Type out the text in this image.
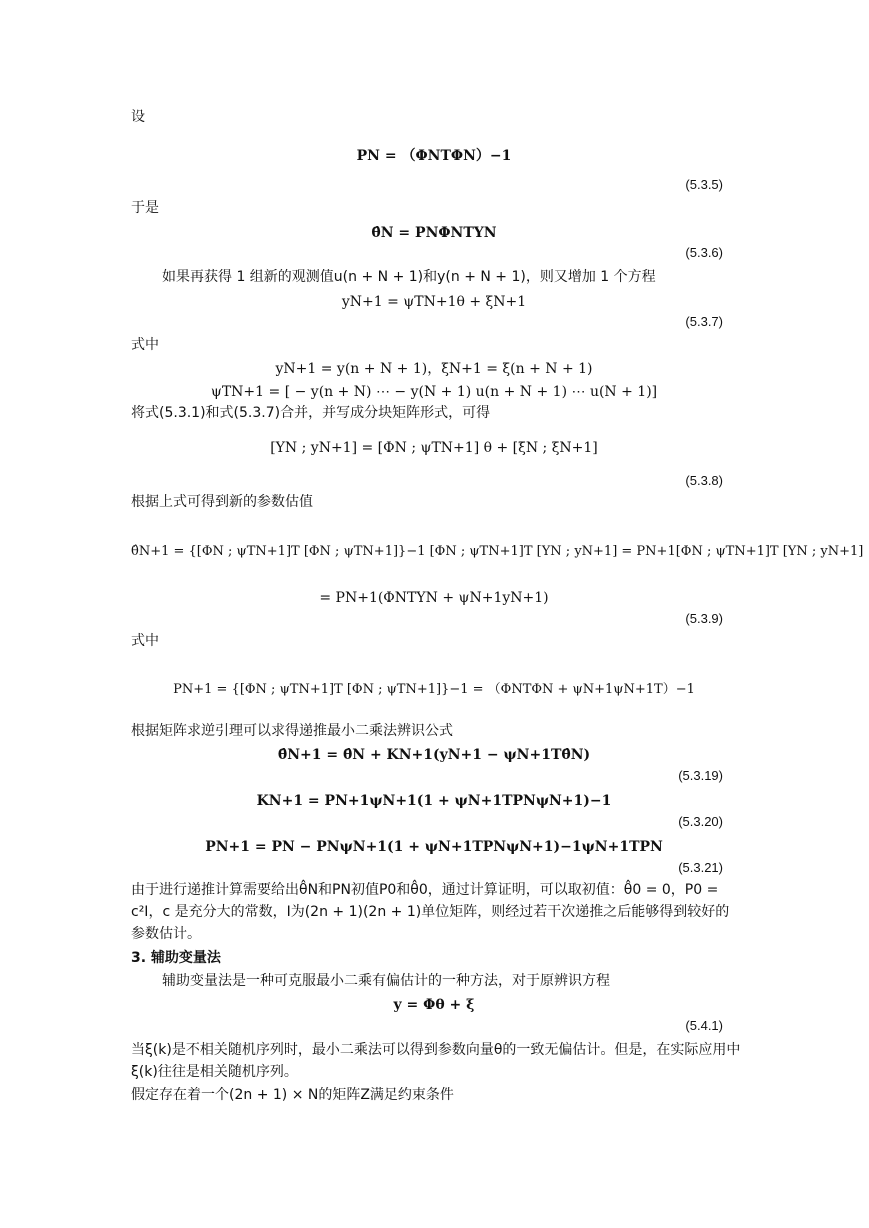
设
PN = （ΦNTΦN）−1
(5.3.5)
于是
θ̂N = PNΦNTYN
(5.3.6)
如果再获得 1 组新的观测值u(n + N + 1)和y(n + N + 1)，则又增加 1 个方程
yN+1 = ψTN+1θ + ξN+1
(5.3.7)
式中
yN+1 = y(n + N + 1)，ξN+1 = ξ(n + N + 1)
ψTN+1 = [ − y(n + N) ⋯ − y(N + 1) u(n + N + 1) ⋯ u(N + 1)]
将式(5.3.1)和式(5.3.7)合并，并写成分块矩阵形式，可得
[YN ; yN+1] = [ΦN ; ψTN+1] θ + [ξ̄N ; ξN+1]
(5.3.8)
根据上式可得到新的参数估值
θ̂N+1 = {[ΦN ; ψTN+1]T [ΦN ; ψTN+1]}−1 [ΦN ; ψTN+1]T [YN ; yN+1] = PN+1[ΦN ; ψTN+1]T [YN ; yN+1]
= PN+1(ΦNTYN + ψN+1yN+1)
(5.3.9)
式中
PN+1 = {[ΦN ; ψTN+1]T [ΦN ; ψTN+1]}−1 = （ΦNTΦN + ψN+1ψN+1T）−1
根据矩阵求逆引理可以求得递推最小二乘法辨识公式
θ̂N+1 = θ̂N + KN+1(yN+1 − ψN+1Tθ̂N)
(5.3.19)
KN+1 = PN+1ψN+1(1 + ψN+1TPNψN+1)−1
(5.3.20)
PN+1 = PN − PNψN+1(1 + ψN+1TPNψN+1)−1ψN+1TPN
(5.3.21)
由于进行递推计算需要给出θ̂N和PN初值P0和θ̂0，通过计算证明，可以取初值：θ̂0 = 0，P0 = c²I，c 是充分大的常数，I为(2n + 1)(2n + 1)单位矩阵，则经过若干次递推之后能够得到较好的参数估计。
3. 辅助变量法
辅助变量法是一种可克服最小二乘有偏估计的一种方法，对于原辨识方程
y = Φθ + ξ
(5.4.1)
当ξ(k)是不相关随机序列时，最小二乘法可以得到参数向量θ的一致无偏估计。但是，在实际应用中ξ(k)往往是相关随机序列。
假定存在着一个(2n + 1) × N的矩阵Z满足约束条件
